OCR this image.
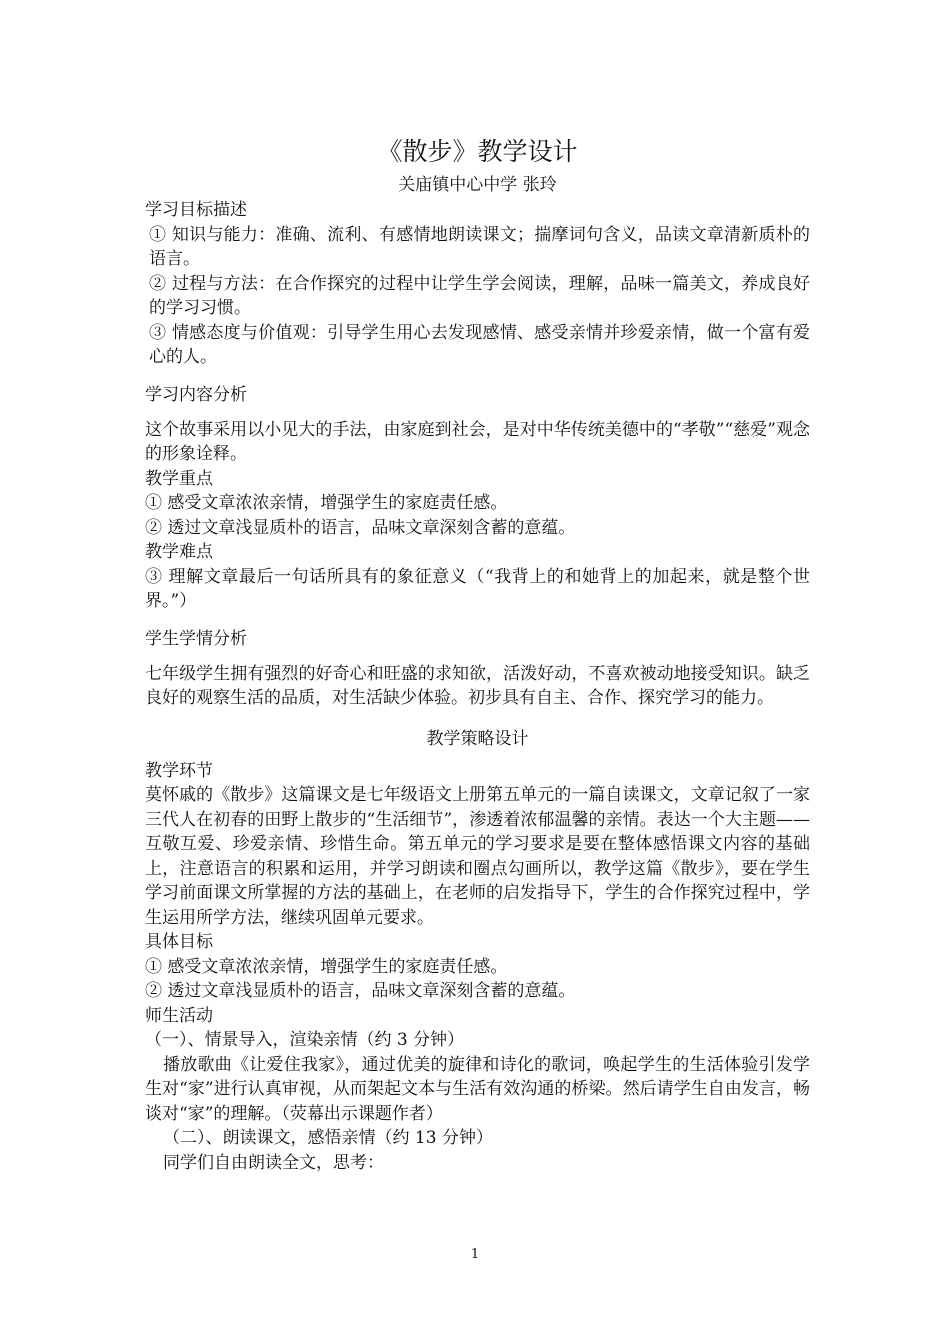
《散步》教学设计
关庙镇中心中学 张玲
学习目标描述
① 知识与能力：准确、流利、有感情地朗读课文；揣摩词句含义，品读文章清新质朴的语言。
② 过程与方法：在合作探究的过程中让学生学会阅读，理解，品味一篇美文，养成良好的学习习惯。
③ 情感态度与价值观：引导学生用心去发现感情、感受亲情并珍爱亲情，做一个富有爱心的人。
学习内容分析
这个故事采用以小见大的手法，由家庭到社会，是对中华传统美德中的“孝敬”“慈爱”观念的形象诠释。
教学重点
① 感受文章浓浓亲情，增强学生的家庭责任感。
② 透过文章浅显质朴的语言，品味文章深刻含蓄的意蕴。
教学难点
③ 理解文章最后一句话所具有的象征意义（“我背上的和她背上的加起来，就是整个世界。”）
学生学情分析
七年级学生拥有强烈的好奇心和旺盛的求知欲，活泼好动，不喜欢被动地接受知识。缺乏良好的观察生活的品质，对生活缺少体验。初步具有自主、合作、探究学习的能力。
教学策略设计
教学环节
莫怀戚的《散步》这篇课文是七年级语文上册第五单元的一篇自读课文，文章记叙了一家三代人在初春的田野上散步的“生活细节”，渗透着浓郁温馨的亲情。表达一个大主题——互敬互爱、珍爱亲情、珍惜生命。第五单元的学习要求是要在整体感悟课文内容的基础上，注意语言的积累和运用，并学习朗读和圈点勾画所以，教学这篇《散步》，要在学生学习前面课文所掌握的方法的基础上，在老师的启发指导下，学生的合作探究过程中，学生运用所学方法，继续巩固单元要求。
具体目标
① 感受文章浓浓亲情，增强学生的家庭责任感。
② 透过文章浅显质朴的语言，品味文章深刻含蓄的意蕴。
师生活动
（一）、情景导入，渲染亲情（约 3 分钟）
播放歌曲《让爱住我家》，通过优美的旋律和诗化的歌词，唤起学生的生活体验引发学生对“家”进行认真审视，从而架起文本与生活有效沟通的桥梁。然后请学生自由发言，畅谈对“家”的理解。（荧幕出示课题作者）
（二）、朗读课文，感悟亲情（约 13 分钟）
同学们自由朗读全文，思考：
1
